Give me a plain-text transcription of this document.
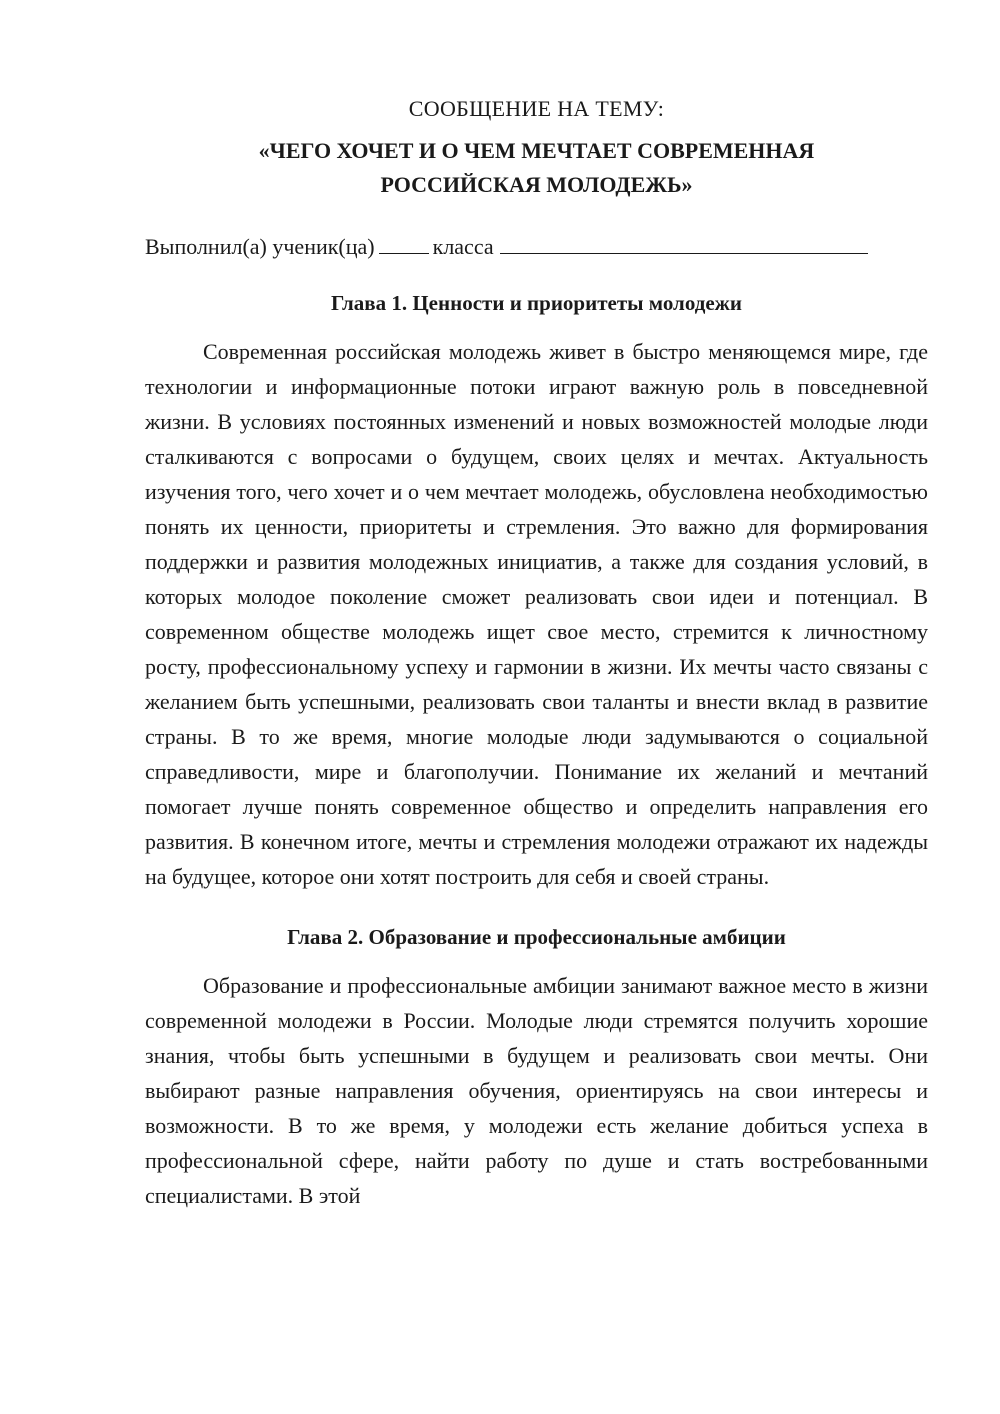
СООБЩЕНИЕ НА ТЕМУ:

«ЧЕГО ХОЧЕТ И О ЧЕМ МЕЧТАЕТ СОВРЕМЕННАЯ

РОССИЙСКАЯ МОЛОДЕЖЬ»

Выполнил(а) ученик(ца)	класса

Глава 1. Ценности и приоритеты молодежи

Современная российская молодежь живет в быстро меняющемся мире, где технологии и информационные потоки играют важную роль в повседневной жизни. В условиях постоянных изменений и новых возможностей молодые люди сталкиваются с вопросами о будущем, своих целях и мечтах. Актуальность изучения того, чего хочет и о чем мечтает молодежь, обусловлена необходимостью понять их ценности, приоритеты и стремления. Это важно для формирования поддержки и развития молодежных инициатив, а также для создания условий, в которых молодое поколение сможет реализовать свои идеи и потенциал. В современном обществе молодежь ищет свое место, стремится к личностному росту, профессиональному успеху и гармонии в жизни. Их мечты часто связаны с желанием быть успешными, реализовать свои таланты и внести вклад в развитие страны. В то же время, многие молодые люди задумываются о социальной справедливости, мире и благополучии. Понимание их желаний и мечтаний помогает лучше понять современное общество и определить направления его развития. В конечном итоге, мечты и стремления молодежи отражают их надежды на будущее, которое они хотят построить для себя и своей страны.

Глава 2. Образование и профессиональные амбиции

Образование и профессиональные амбиции занимают важное место в жизни современной молодежи в России. Молодые люди стремятся получить хорошие знания, чтобы быть успешными в будущем и реализовать свои мечты. Они выбирают разные направления обучения, ориентируясь на свои интересы и возможности. В то же время, у молодежи есть желание добиться успеха в профессиональной сфере, найти работу по душе и стать востребованными специалистами. В этой
